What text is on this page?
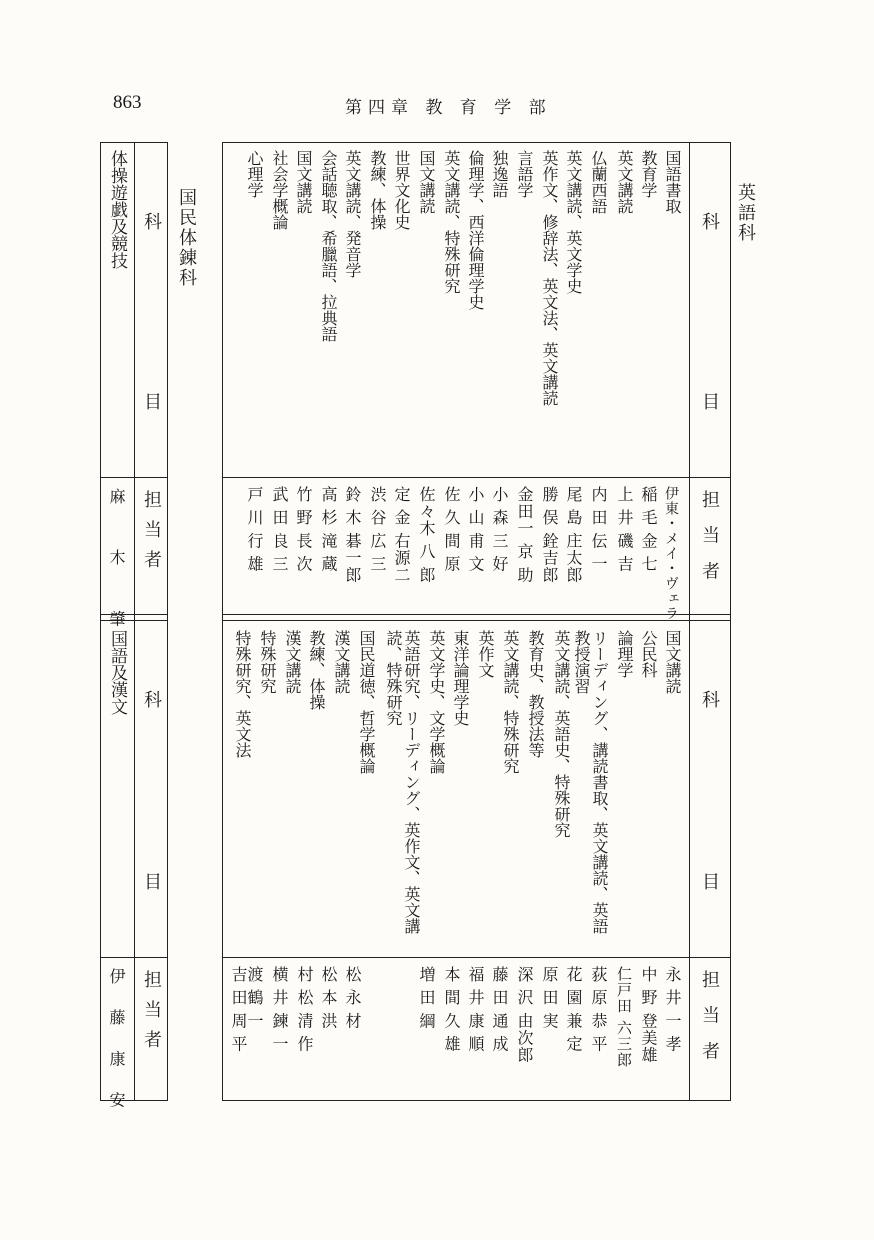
863	第四章 教 育 学 部
英語科
国民体錬科	科
目
担 当 者
科
目
担 当 者
国語書取
教育学
英文講読
仏蘭西語
英文講読、英文学史
英作文、修辞法、英文法、英文講読
言語学
独逸語
倫理学、西洋倫理学史
英文講読、特殊研究
国文講読
世界文化史
教練、体操
英文講読、発音学
会話聴取、希臘語、拉典語
国文講読
社会学概論
心理学
伊東・メイ・ヴェラ
稲 毛 金 七
上 井 磯 吉
内 田 伝 一
尾 島 庄太郎
勝 俣 銓吉郎
金田一 京 助
小 森 三 好
小 山 甫 文
佐 久 間 原
佐々木 八 郎
定 金 右源二
渋 谷 広 三
鈴 木 碁一郎
高 杉 滝 蔵
竹 野 長 次
武 田 良 三
戸 川 行 雄
国文講読
公民科
論理学
リーディング、講読書取、英文講読、英語
教授演習
英文講読、英語史、特殊研究
教育史、教授法等
英文講読、特殊研究
英作文
東洋論理学史
英文学史、文学概論
英語研究、リーディング、英作文、英文講
読、特殊研究
国民道徳、哲学概論
漢文講読
教練、体操
漢文講読
特殊研究
特殊研究、英文法
永 井 一 孝
中 野 登美雄
仁戸田 六三郎
荻 原 恭 平
花 園 兼 定
原 田 実
深 沢 由次郎
藤 田 通 成
福 井 康 順
本 間 久 雄
増 田 綱
松 永 材
松 本 洪
村 松 清 作
横 井 鍊 一
渡 鶴 一
吉 田 周 平
科
目
担当者
科
目
担当者
体操遊戯及競技
麻 木 肇
国語及漢文
伊 藤 康 安
